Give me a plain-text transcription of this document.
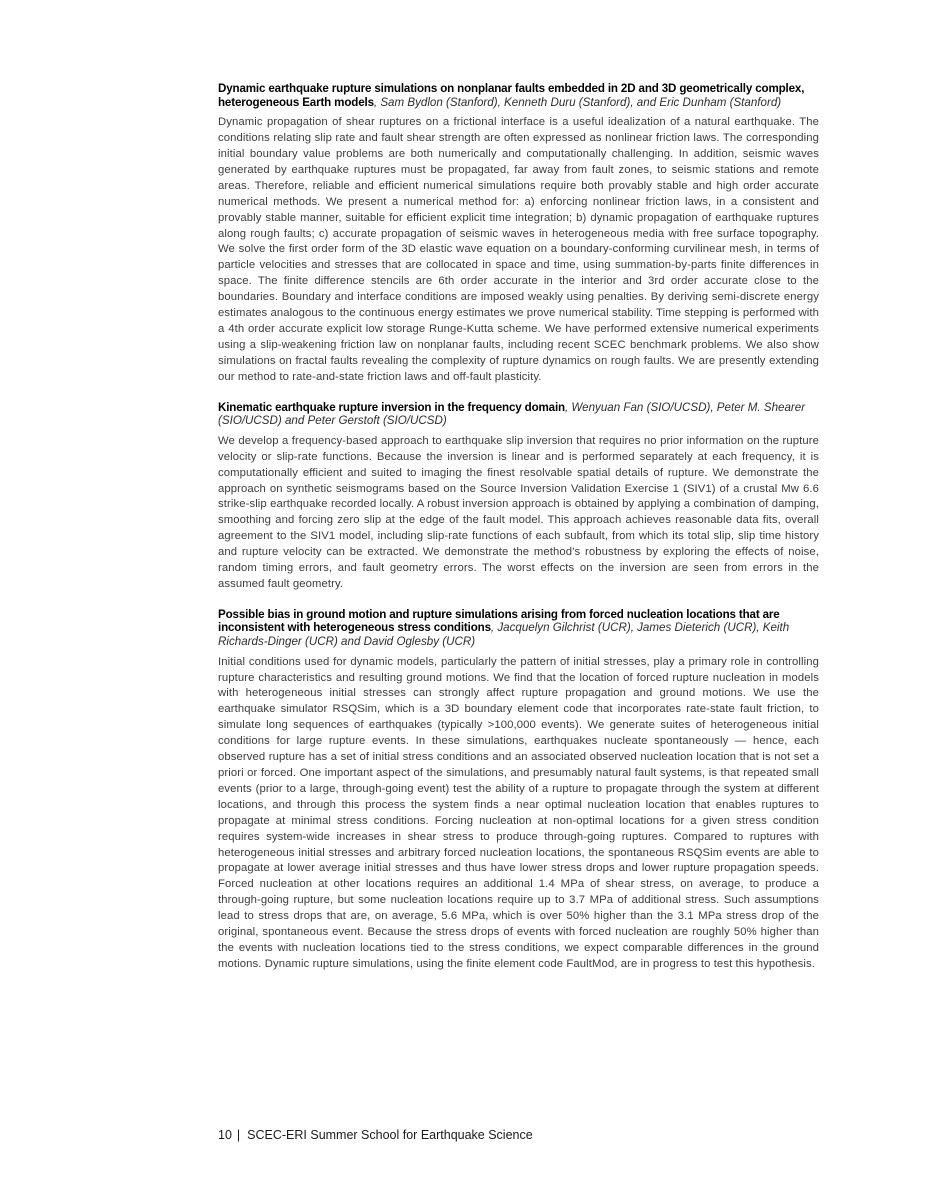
Dynamic earthquake rupture simulations on nonplanar faults embedded in 2D and 3D geometrically complex, heterogeneous Earth models, Sam Bydlon (Stanford), Kenneth Duru (Stanford), and Eric Dunham (Stanford)
Dynamic propagation of shear ruptures on a frictional interface is a useful idealization of a natural earthquake. The conditions relating slip rate and fault shear strength are often expressed as nonlinear friction laws. The corresponding initial boundary value problems are both numerically and computationally challenging. In addition, seismic waves generated by earthquake ruptures must be propagated, far away from fault zones, to seismic stations and remote areas. Therefore, reliable and efficient numerical simulations require both provably stable and high order accurate numerical methods. We present a numerical method for: a) enforcing nonlinear friction laws, in a consistent and provably stable manner, suitable for efficient explicit time integration; b) dynamic propagation of earthquake ruptures along rough faults; c) accurate propagation of seismic waves in heterogeneous media with free surface topography. We solve the first order form of the 3D elastic wave equation on a boundary-conforming curvilinear mesh, in terms of particle velocities and stresses that are collocated in space and time, using summation-by-parts finite differences in space. The finite difference stencils are 6th order accurate in the interior and 3rd order accurate close to the boundaries. Boundary and interface conditions are imposed weakly using penalties. By deriving semi-discrete energy estimates analogous to the continuous energy estimates we prove numerical stability. Time stepping is performed with a 4th order accurate explicit low storage Runge-Kutta scheme. We have performed extensive numerical experiments using a slip-weakening friction law on nonplanar faults, including recent SCEC benchmark problems. We also show simulations on fractal faults revealing the complexity of rupture dynamics on rough faults. We are presently extending our method to rate-and-state friction laws and off-fault plasticity.
Kinematic earthquake rupture inversion in the frequency domain, Wenyuan Fan (SIO/UCSD), Peter M. Shearer (SIO/UCSD) and Peter Gerstoft (SIO/UCSD)
We develop a frequency-based approach to earthquake slip inversion that requires no prior information on the rupture velocity or slip-rate functions. Because the inversion is linear and is performed separately at each frequency, it is computationally efficient and suited to imaging the finest resolvable spatial details of rupture. We demonstrate the approach on synthetic seismograms based on the Source Inversion Validation Exercise 1 (SIV1) of a crustal Mw 6.6 strike-slip earthquake recorded locally. A robust inversion approach is obtained by applying a combination of damping, smoothing and forcing zero slip at the edge of the fault model. This approach achieves reasonable data fits, overall agreement to the SIV1 model, including slip-rate functions of each subfault, from which its total slip, slip time history and rupture velocity can be extracted. We demonstrate the method's robustness by exploring the effects of noise, random timing errors, and fault geometry errors. The worst effects on the inversion are seen from errors in the assumed fault geometry.
Possible bias in ground motion and rupture simulations arising from forced nucleation locations that are inconsistent with heterogeneous stress conditions, Jacquelyn Gilchrist (UCR), James Dieterich (UCR), Keith Richards-Dinger (UCR) and David Oglesby (UCR)
Initial conditions used for dynamic models, particularly the pattern of initial stresses, play a primary role in controlling rupture characteristics and resulting ground motions. We find that the location of forced rupture nucleation in models with heterogeneous initial stresses can strongly affect rupture propagation and ground motions. We use the earthquake simulator RSQSim, which is a 3D boundary element code that incorporates rate-state fault friction, to simulate long sequences of earthquakes (typically >100,000 events). We generate suites of heterogeneous initial conditions for large rupture events. In these simulations, earthquakes nucleate spontaneously — hence, each observed rupture has a set of initial stress conditions and an associated observed nucleation location that is not set a priori or forced. One important aspect of the simulations, and presumably natural fault systems, is that repeated small events (prior to a large, through-going event) test the ability of a rupture to propagate through the system at different locations, and through this process the system finds a near optimal nucleation location that enables ruptures to propagate at minimal stress conditions. Forcing nucleation at non-optimal locations for a given stress condition requires system-wide increases in shear stress to produce through-going ruptures. Compared to ruptures with heterogeneous initial stresses and arbitrary forced nucleation locations, the spontaneous RSQSim events are able to propagate at lower average initial stresses and thus have lower stress drops and lower rupture propagation speeds. Forced nucleation at other locations requires an additional 1.4 MPa of shear stress, on average, to produce a through-going rupture, but some nucleation locations require up to 3.7 MPa of additional stress. Such assumptions lead to stress drops that are, on average, 5.6 MPa, which is over 50% higher than the 3.1 MPa stress drop of the original, spontaneous event. Because the stress drops of events with forced nucleation are roughly 50% higher than the events with nucleation locations tied to the stress conditions, we expect comparable differences in the ground motions. Dynamic rupture simulations, using the finite element code FaultMod, are in progress to test this hypothesis.
10 | SCEC-ERI Summer School for Earthquake Science
